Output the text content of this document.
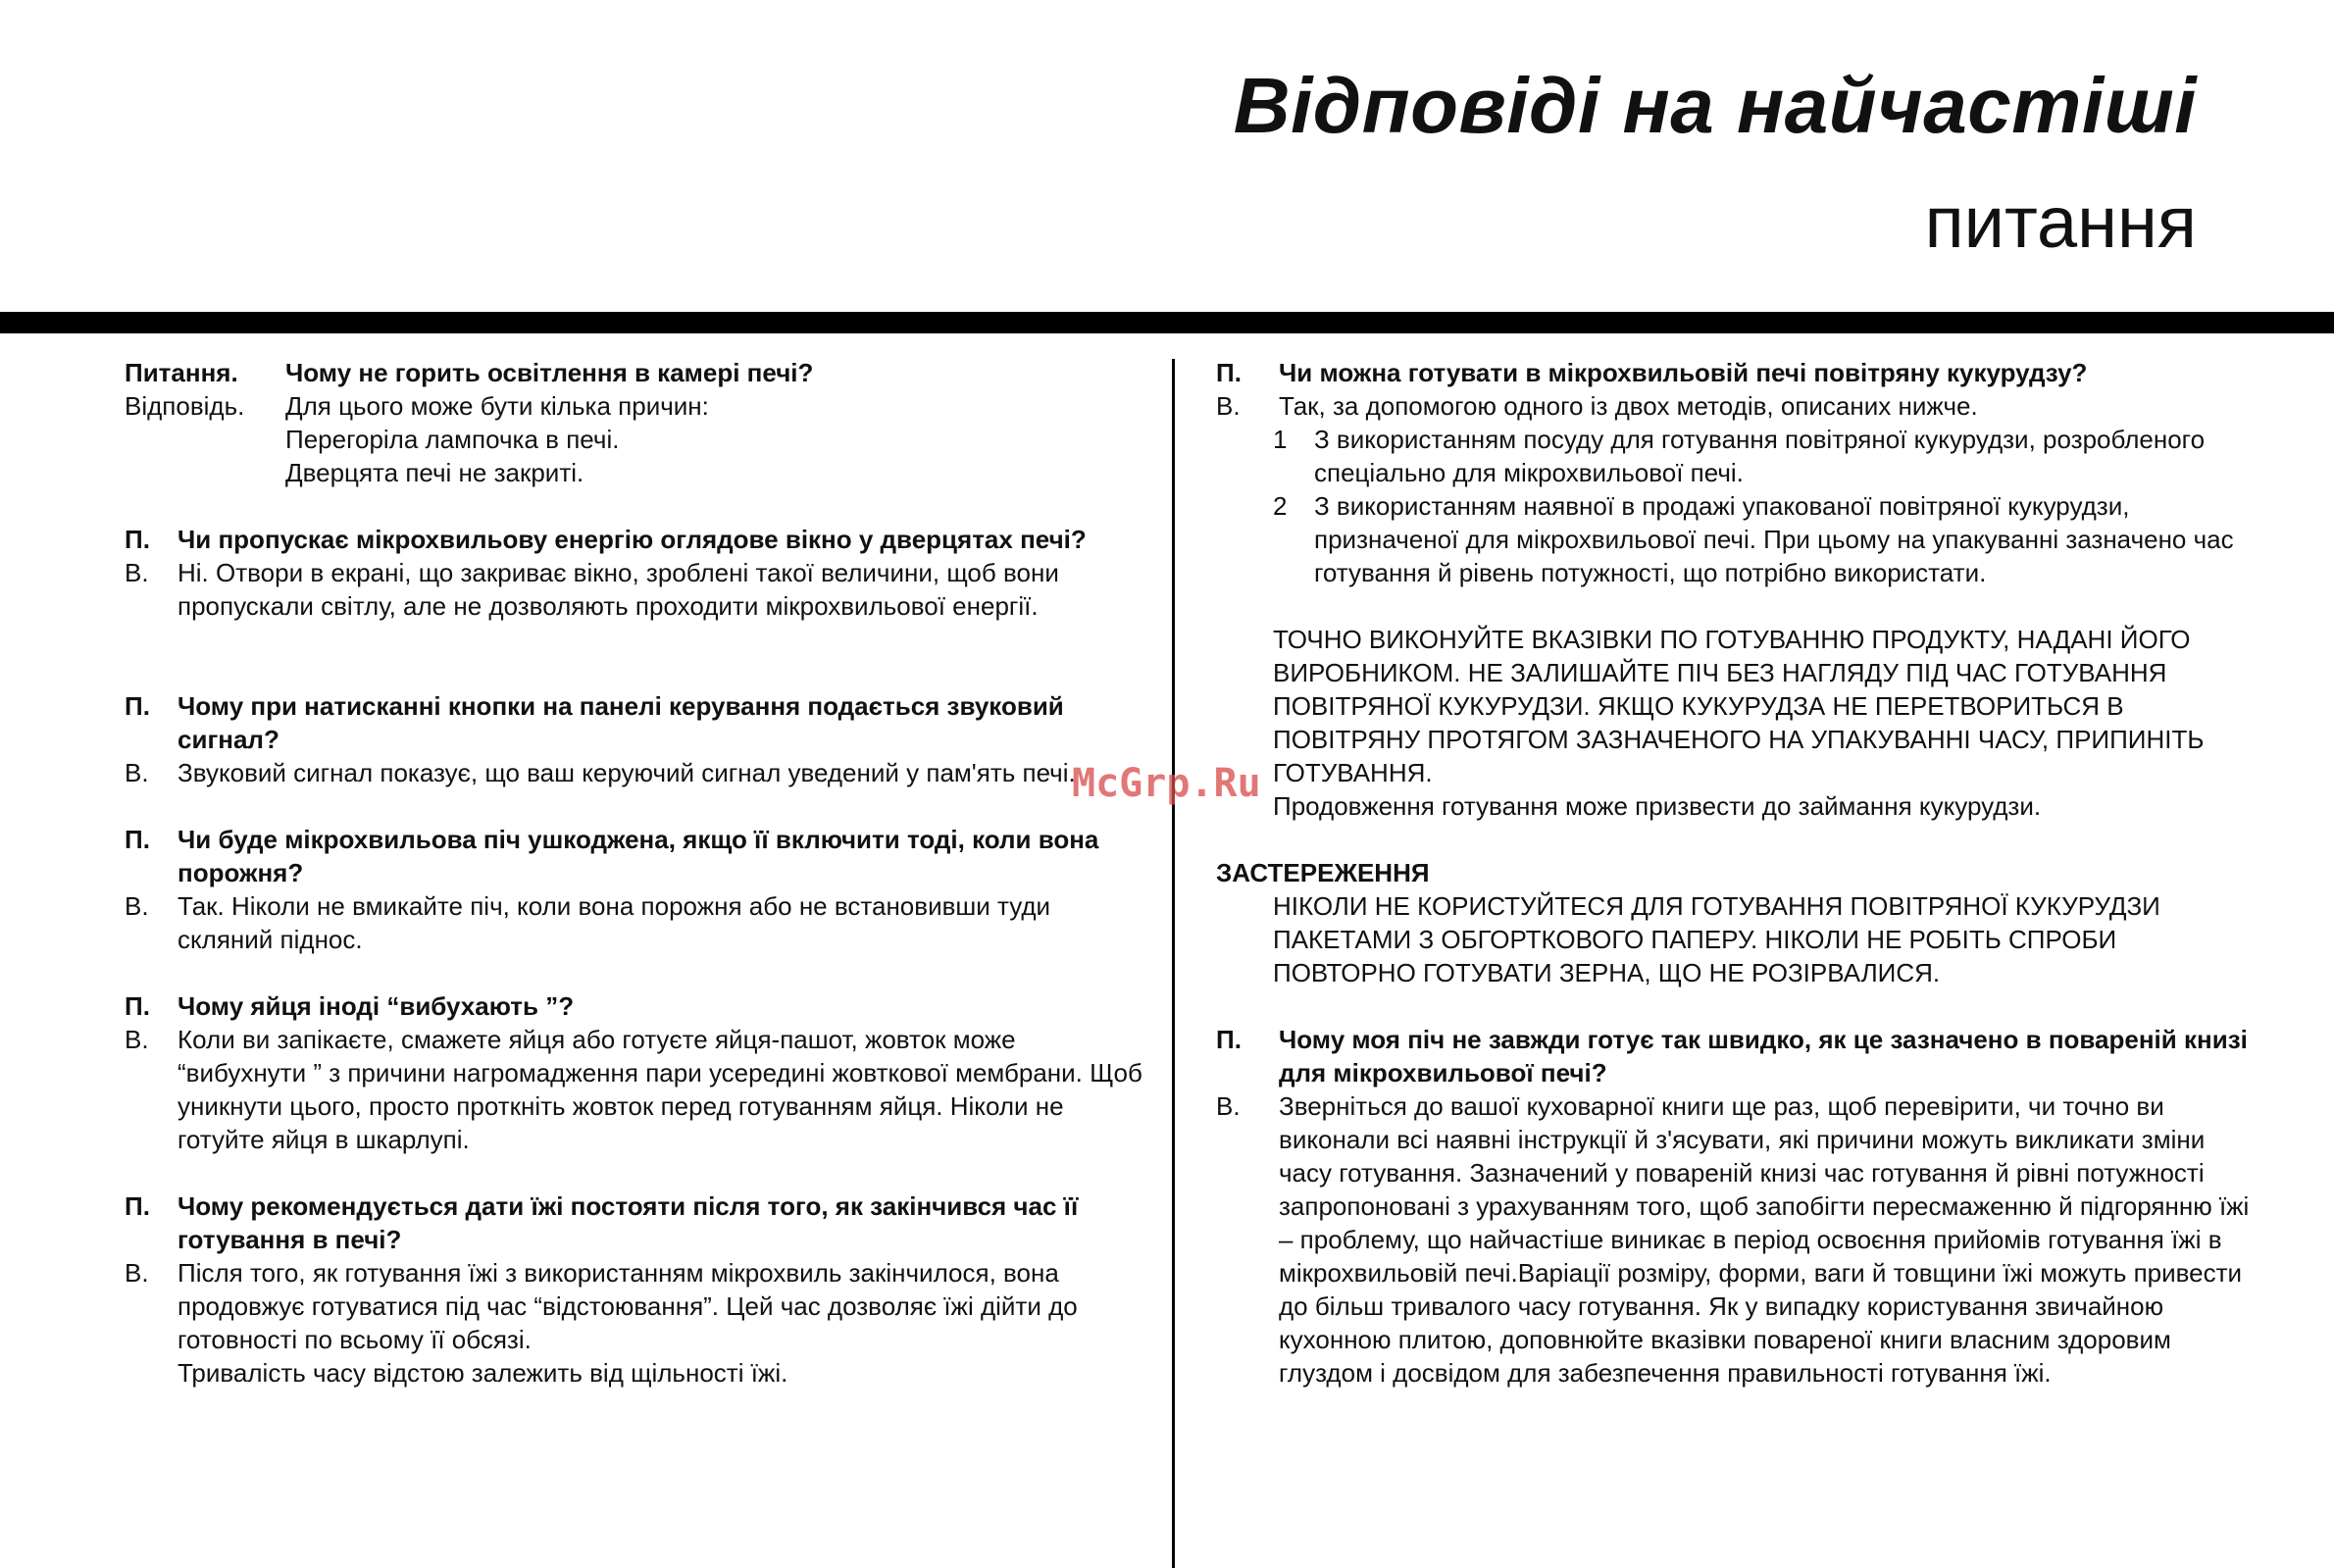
Відповіді на найчастіші
питання
Питання.	Чому не горить освітлення в камері печі?
Відповідь.	Для цього може бути кілька причин:
Перегоріла лампочка в печі.
Дверцята печі не закриті.
П.	Чи пропускає мікрохвильову енергію оглядове вікно у дверцятах печі?
В.	Ні. Отвори в екрані, що закриває вікно, зроблені такої величини, щоб вони пропускали світлу, але не дозволяють проходити мікрохвильової енергії.
П.	Чому при натисканні кнопки на панелі керування подається звуковий сигнал?
В.	Звуковий сигнал показує, що ваш керуючий сигнал уведений у пам'ять печі.
П.	Чи буде мікрохвильова піч ушкоджена, якщо її включити тоді, коли вона порожня?
В.	Так. Ніколи не вмикайте піч, коли вона порожня або не встановивши туди скляний піднос.
П.	Чому яйця іноді “вибухають ”?
В.	Коли ви запікаєте, смажете яйця або готуєте яйця-пашот, жовток може “вибухнути ” з причини нагромадження пари усередині жовткової мембрани. Щоб уникнути цього, просто проткніть жовток перед готуванням яйця. Ніколи не готуйте яйця в шкарлупі.
П.	Чому рекомендується дати їжі постояти після того, як закінчився час її готування в печі?
В.	Після того, як готування їжі з використанням мікрохвиль закінчилося, вона продовжує готуватися під час “відстоювання”. Цей час дозволяє їжі дійти до готовності по всьому її обсязі.
Тривалість часу відстою залежить від щільності їжі.
П.	Чи можна готувати в мікрохвильовій печі повітряну кукурудзу?
В.	Так, за допомогою одного із двох методів, описаних нижче.
1	З використанням посуду для готування повітряної кукурудзи, розробленого спеціально для мікрохвильової печі.
2	З використанням наявної в продажі упакованої повітряної кукурудзи, призначеної для мікрохвильової печі. При цьому на упакуванні зазначено час готування й рівень потужності, що потрібно використати.
ТОЧНО ВИКОНУЙТЕ ВКАЗІВКИ ПО ГОТУВАННЮ ПРОДУКТУ, НАДАНІ ЙОГО ВИРОБНИКОМ. НЕ ЗАЛИШАЙТЕ ПІЧ БЕЗ НАГЛЯДУ ПІД ЧАС ГОТУВАННЯ ПОВІТРЯНОЇ КУКУРУДЗИ. ЯКЩО КУКУРУДЗА НЕ ПЕРЕТВОРИТЬСЯ В ПОВІТРЯНУ ПРОТЯГОМ ЗАЗНАЧЕНОГО НА УПАКУВАННІ ЧАСУ, ПРИПИНІТЬ ГОТУВАННЯ.
Продовження готування може призвести до займання кукурудзи.
ЗАСТЕРЕЖЕННЯ
НІКОЛИ НЕ КОРИСТУЙТЕСЯ ДЛЯ ГОТУВАННЯ ПОВІТРЯНОЇ КУКУРУДЗИ ПАКЕТАМИ З ОБГОРТКОВОГО ПАПЕРУ. НІКОЛИ НЕ РОБІТЬ СПРОБИ ПОВТОРНО ГОТУВАТИ ЗЕРНА, ЩО НЕ РОЗІРВАЛИСЯ.
П.	Чому моя піч не завжди готує так швидко, як це зазначено в повареній книзі для мікрохвильової печі?
В.	Зверніться до вашої куховарної книги ще раз, щоб перевірити, чи точно ви виконали всі наявні інструкції й з'ясувати, які причини можуть викликати зміни часу готування. Зазначений у повареній книзі час готування й рівні потужності запропоновані з урахуванням того, щоб запобігти пересмаженню й підгорянню їжі – проблему, що найчастіше виникає в період освоєння прийомів готування їжі в мікрохвильовій печі.Варіації розміру, форми, ваги й товщини їжі можуть привести до більш тривалого часу готування. Як у випадку користування звичайною кухонною плитою, доповнюйте вказівки повареної книги власним здоровим глуздом і досвідом для забезпечення правильності готування їжі.
McGrp.Ru
